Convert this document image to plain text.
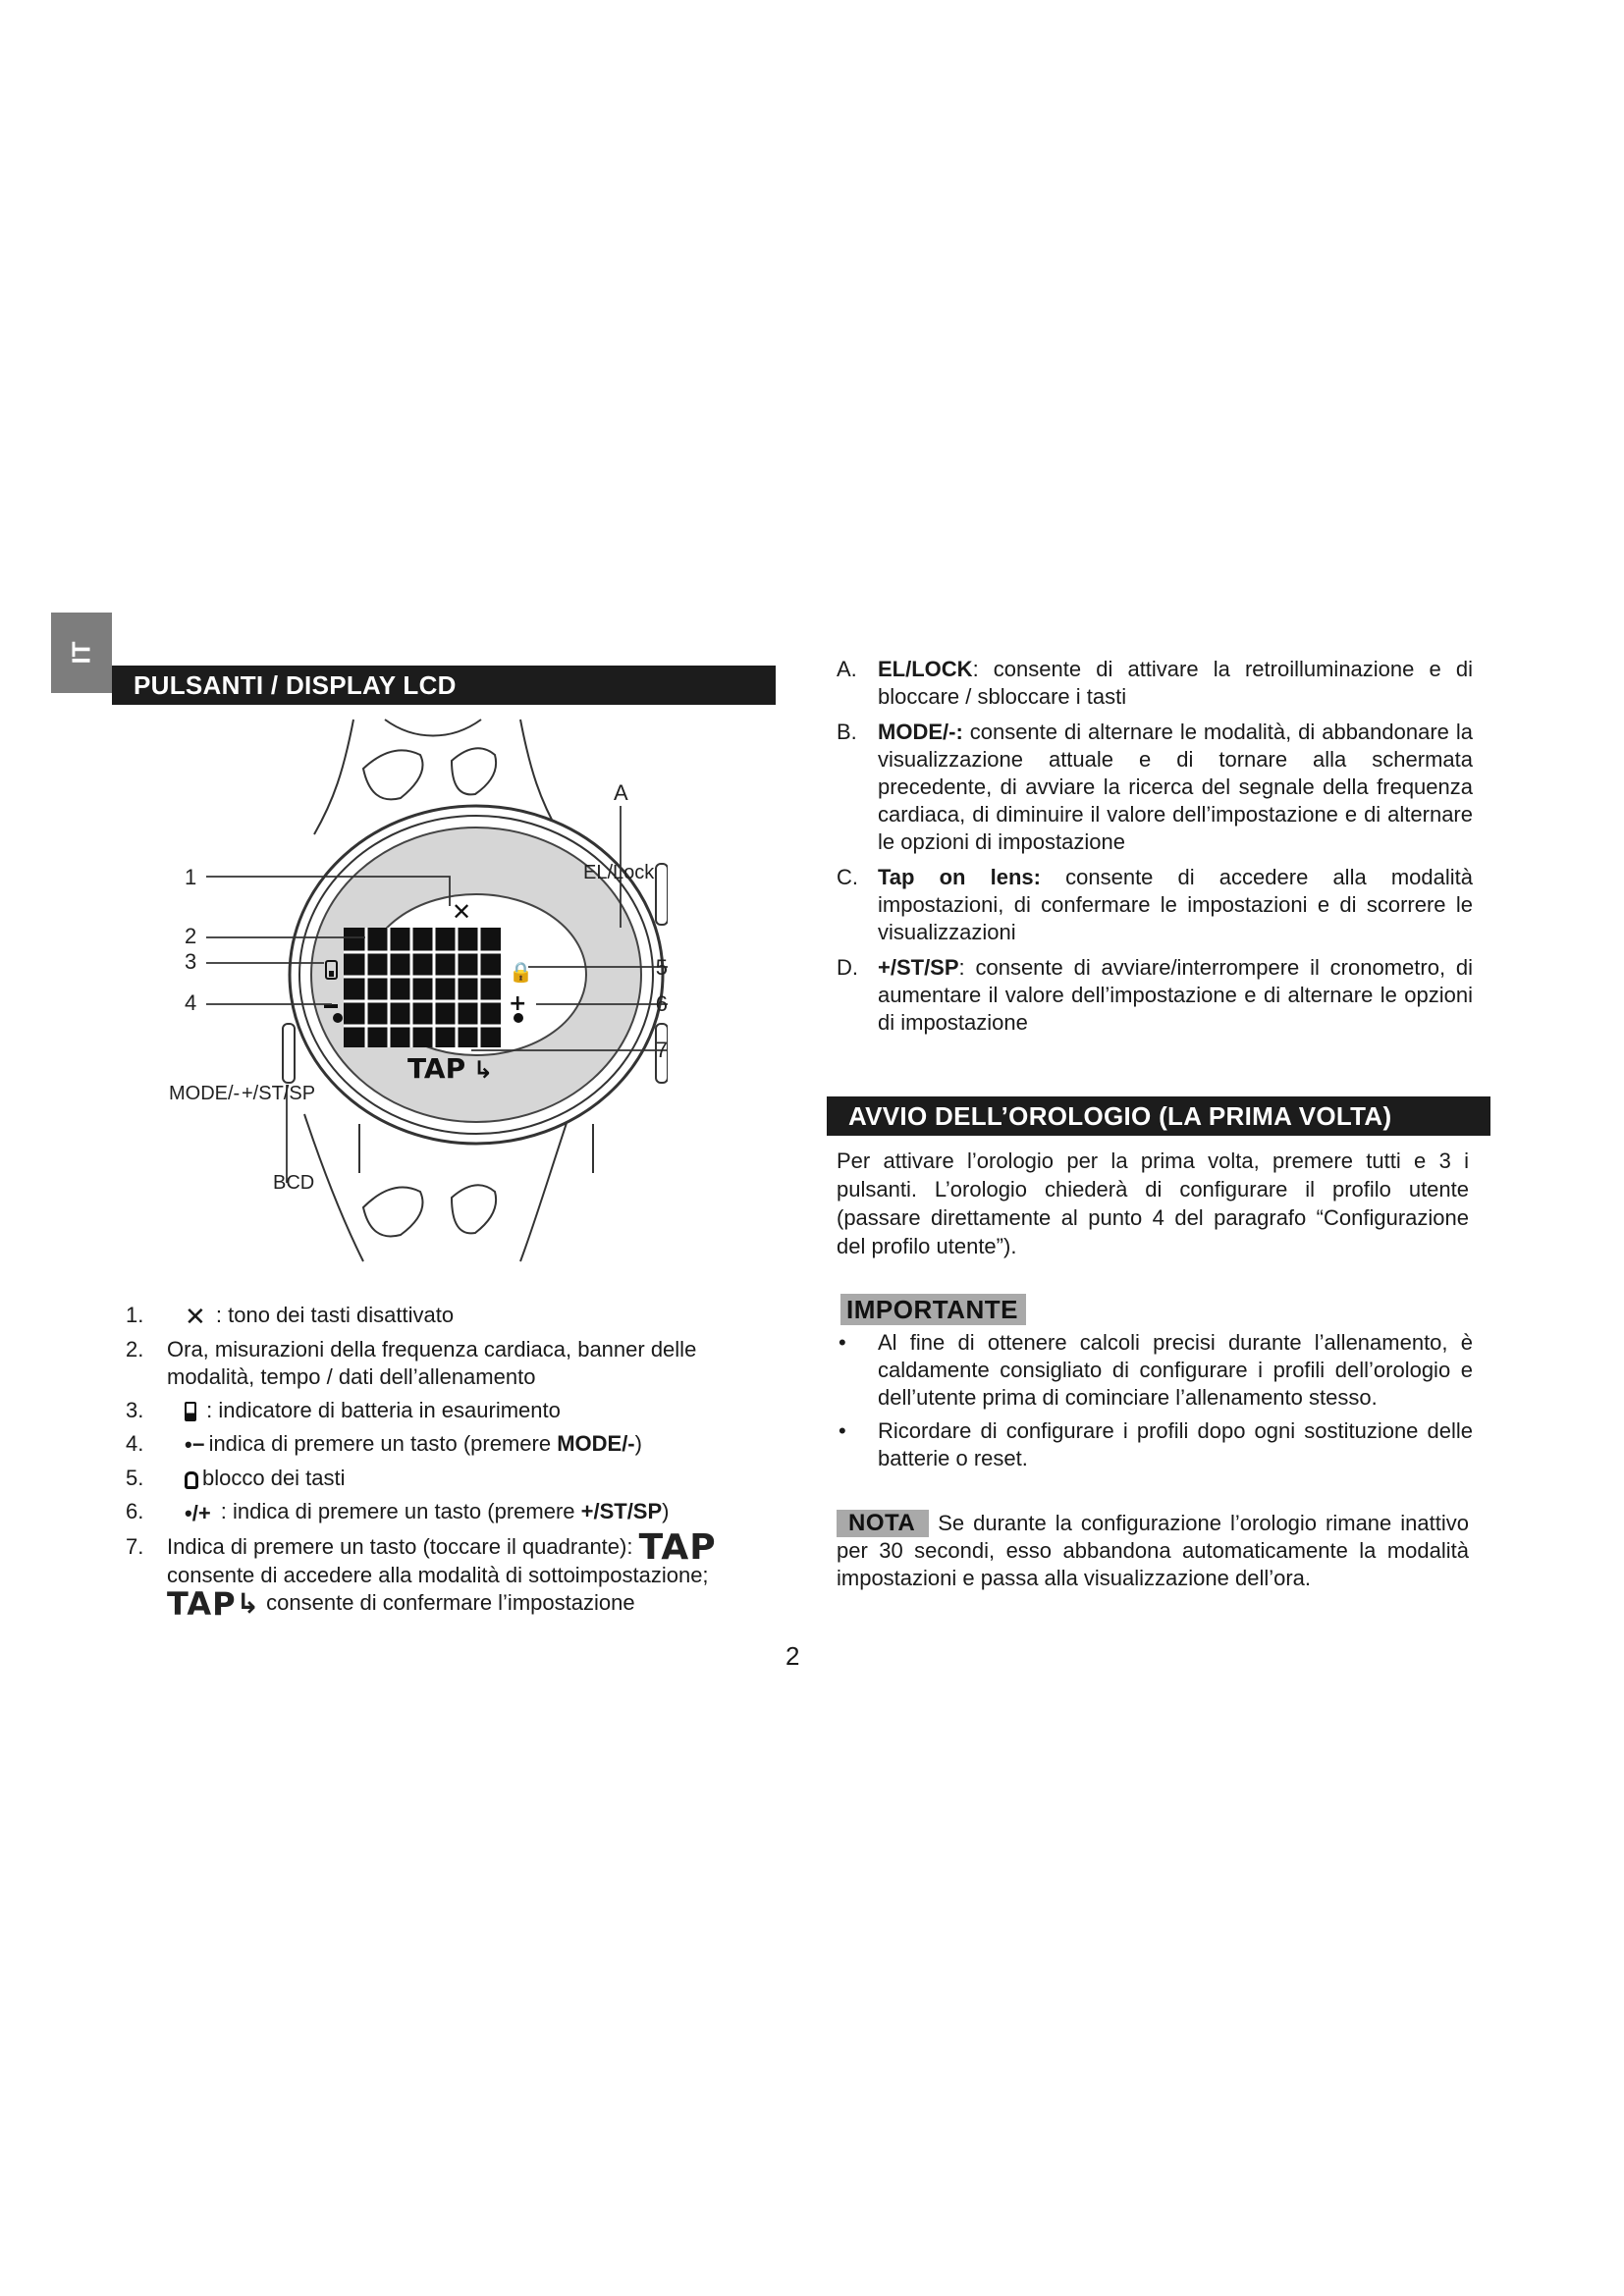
IT
PULSANTI / DISPLAY LCD
✕
🔒
+
TAP ↳
1
2
3
4
5
6
7
A
EL/Lock
MODE/- +/ST/SP
BCD
1. ✕ : tono dei tasti disattivato
2. Ora, misurazioni della frequenza cardiaca, banner delle modalità, tempo / dati dell’allenamento
3.	: indicatore di batteria in esaurimento
4. •− indica di premere un tasto (premere MODE/-)
5.	blocco dei tasti
6. •/+ : indica di premere un tasto (premere +/ST/SP)
7. Indica di premere un tasto (toccare il quadrante): TAP
consente di accedere alla modalità di sottoimpostazione;
TAP↳ consente di confermare l’impostazione
A. EL/LOCK: consente di attivare la retroilluminazione e di bloccare / sbloccare i tasti
B. MODE/-: consente di alternare le modalità, di abbandonare la visualizzazione attuale e di tornare alla schermata precedente, di avviare la ricerca del segnale della frequenza cardiaca, di diminuire il valore dell’impostazione e di alternare le opzioni di impostazione
C. Tap on lens: consente di accedere alla modalità impostazioni, di confermare le impostazioni e di scorrere le visualizzazioni
D. +/ST/SP: consente di avviare/interrompere il cronometro, di aumentare il valore dell’impostazione e di alternare le opzioni di impostazione
AVVIO DELL’OROLOGIO (LA PRIMA VOLTA)

Per attivare l’orologio per la prima volta, premere tutti e 3 i pulsanti. L’orologio chiederà di configurare il profilo utente (passare direttamente al punto 4 del paragrafo “Configurazione del profilo utente”).

IMPORTANTE
• Al fine di ottenere calcoli precisi durante l’allenamento, è caldamente consigliato di configurare i profili dell’orologio e dell’utente prima di cominciare l’allenamento stesso.
• Ricordare di configurare i profili dopo ogni sostituzione delle batterie o reset.

NOTA Se durante la configurazione l’orologio rimane inattivo per 30 secondi, esso abbandona automaticamente la modalità impostazioni e passa alla visualizzazione dell’ora.

2
